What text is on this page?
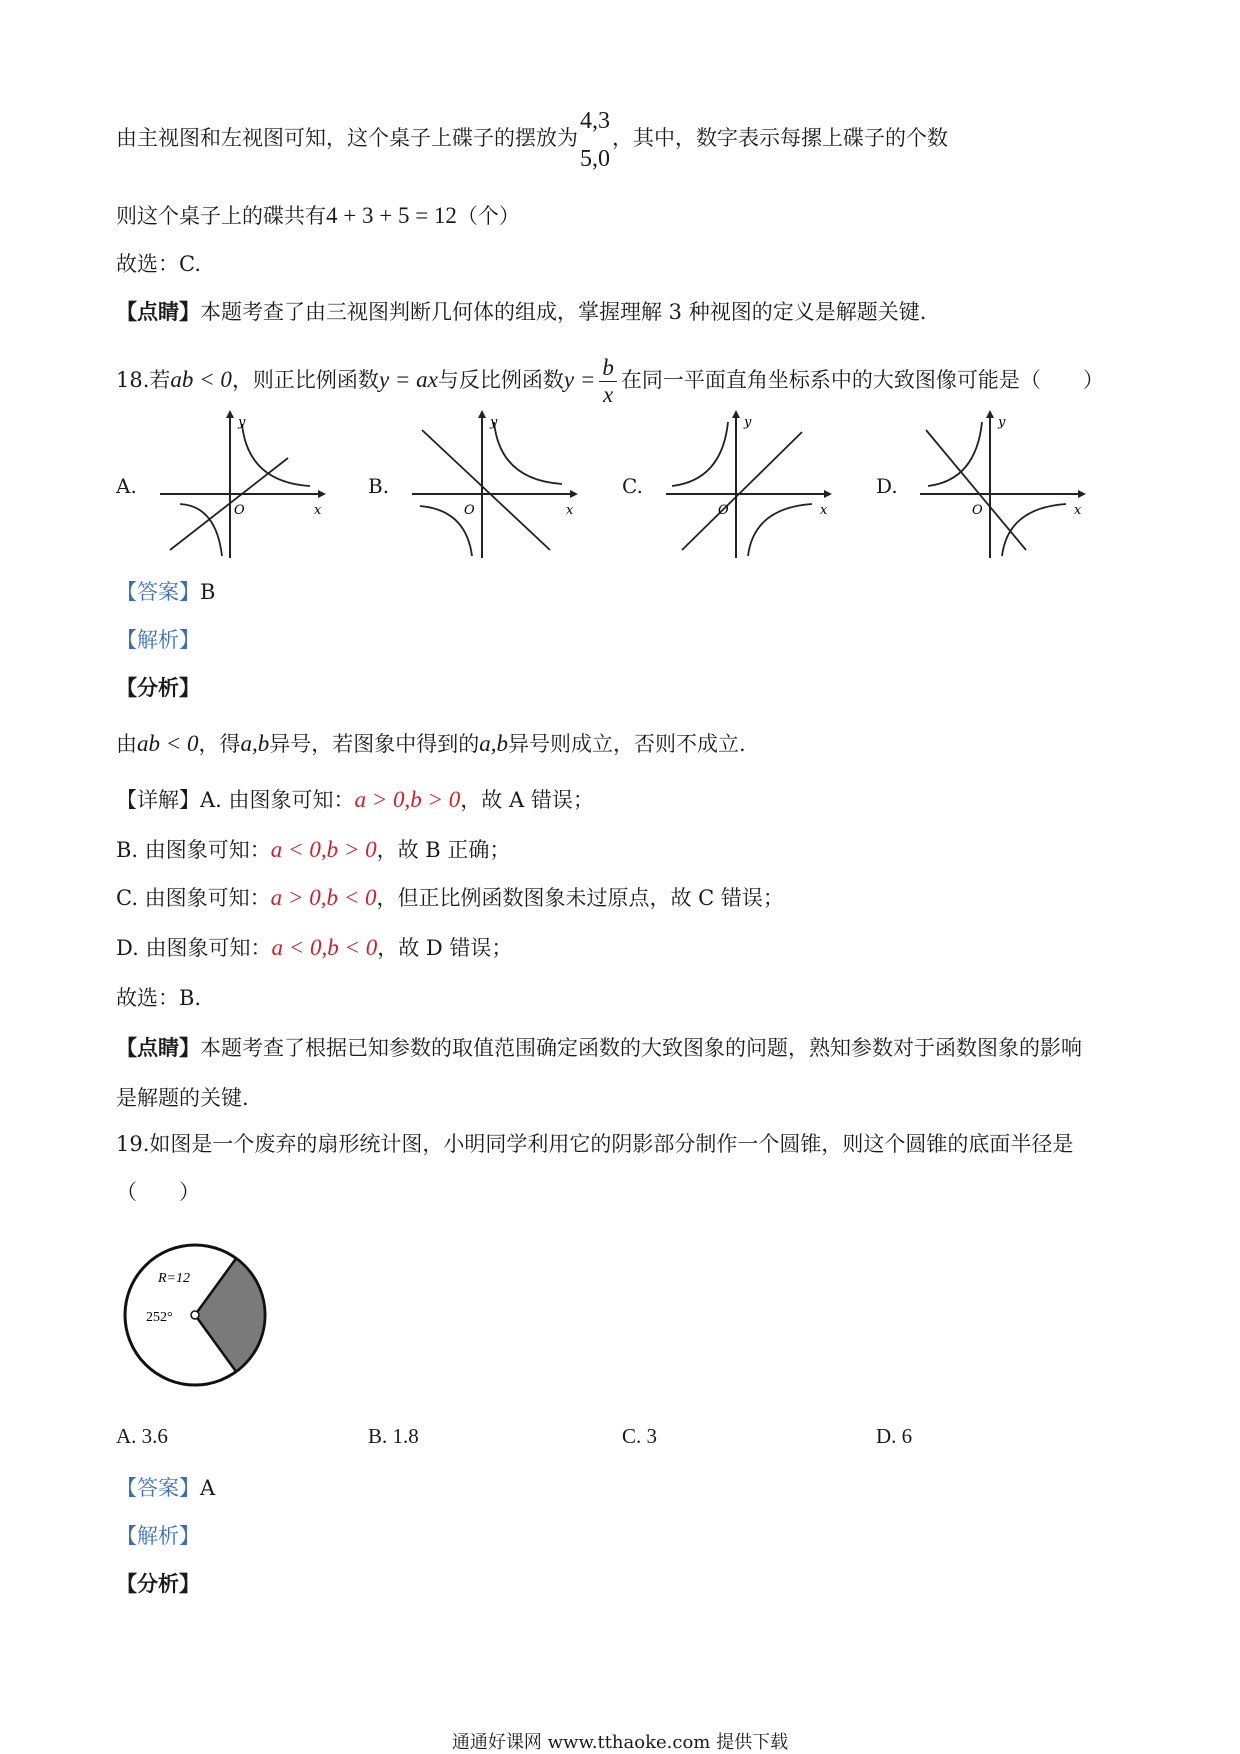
由主视图和左视图可知，这个桌子上碟子的摆放为
4,3
5,0
，其中，数字表示每摞上碟子的个数
则这个桌子上的碟共有4 + 3 + 5 = 12（个）
故选：C.
【点睛】本题考查了由三视图判断几何体的组成，掌握理解 3 种视图的定义是解题关键.
18.若ab < 0，则正比例函数y = ax与反比例函数$y = \frac{b}{x}$ 在同一平面直角坐标系中的大致图像可能是（　　）
A.
y
x
O
B.
y
x
O
C.
y
x
O
D.
y
x
O
【答案】B
【解析】
【分析】
由ab < 0，得a,b异号，若图象中得到的a,b异号则成立，否则不成立.
【详解】A. 由图象可知：a > 0,b > 0，故 A 错误；
B. 由图象可知：a < 0,b > 0，故 B 正确；
C. 由图象可知：a > 0,b < 0，但正比例函数图象未过原点，故 C 错误；
D. 由图象可知：a < 0,b < 0，故 D 错误；
故选：B.
【点睛】本题考查了根据已知参数的取值范围确定函数的大致图象的问题，熟知参数对于函数图象的影响
是解题的关键.
19.如图是一个废弃的扇形统计图，小明同学利用它的阴影部分制作一个圆锥，则这个圆锥的底面半径是
（　　）
R=12
252°
A. 3.6	B. 1.8	C. 3	D. 6
【答案】A
【解析】
【分析】
通通好课网 www.tthaoke.com 提供下载
